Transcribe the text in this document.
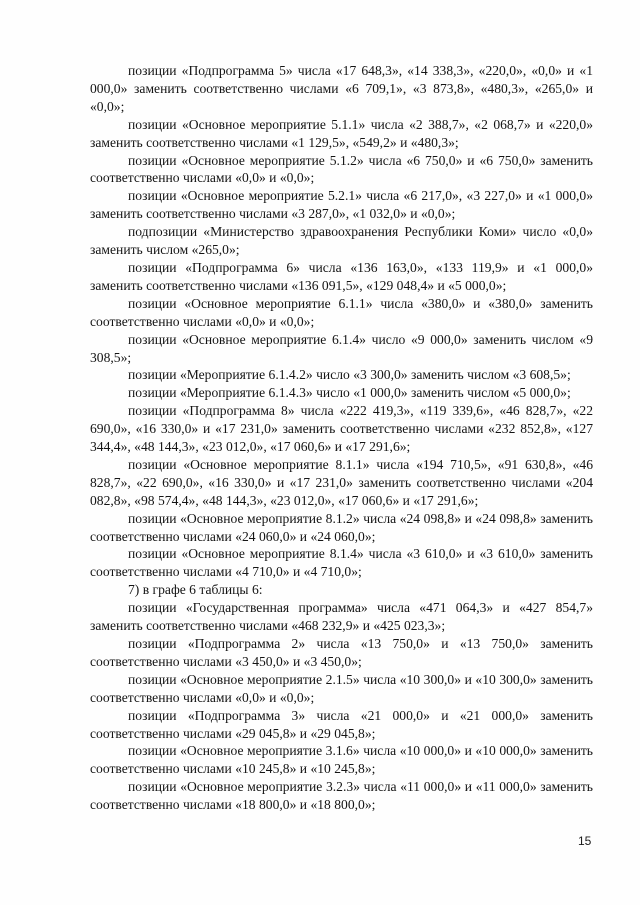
позиции «Подпрограмма 5» числа «17 648,3», «14 338,3», «220,0», «0,0» и «1 000,0» заменить соответственно числами «6 709,1», «3 873,8», «480,3», «265,0» и «0,0»;

позиции «Основное мероприятие 5.1.1» числа «2 388,7», «2 068,7» и «220,0» заменить соответственно числами «1 129,5», «549,2» и «480,3»;

позиции «Основное мероприятие 5.1.2» числа «6 750,0» и «6 750,0» заменить соответственно числами «0,0» и «0,0»;

позиции «Основное мероприятие 5.2.1» числа «6 217,0», «3 227,0» и «1 000,0» заменить соответственно числами «3 287,0», «1 032,0» и «0,0»;

подпозиции «Министерство здравоохранения Республики Коми» число «0,0» заменить числом «265,0»;

позиции «Подпрограмма 6» числа «136 163,0», «133 119,9» и «1 000,0» заменить соответственно числами «136 091,5», «129 048,4» и «5 000,0»;

позиции «Основное мероприятие 6.1.1» числа «380,0» и «380,0» заменить соответственно числами «0,0» и «0,0»;

позиции «Основное мероприятие 6.1.4» число «9 000,0» заменить числом «9 308,5»;

позиции «Мероприятие 6.1.4.2» число «3 300,0» заменить числом «3 608,5»;

позиции «Мероприятие 6.1.4.3» число «1 000,0» заменить числом «5 000,0»;

позиции «Подпрограмма 8» числа «222 419,3», «119 339,6», «46 828,7», «22 690,0», «16 330,0» и «17 231,0» заменить соответственно числами «232 852,8», «127 344,4», «48 144,3», «23 012,0», «17 060,6» и «17 291,6»;

позиции «Основное мероприятие 8.1.1» числа «194 710,5», «91 630,8», «46 828,7», «22 690,0», «16 330,0» и «17 231,0» заменить соответственно числами «204 082,8», «98 574,4», «48 144,3», «23 012,0», «17 060,6» и «17 291,6»;

позиции «Основное мероприятие 8.1.2» числа «24 098,8» и «24 098,8» заменить соответственно числами «24 060,0» и «24 060,0»;

позиции «Основное мероприятие 8.1.4» числа «3 610,0» и «3 610,0» заменить соответственно числами «4 710,0» и «4 710,0»;

7) в графе 6 таблицы 6:

позиции «Государственная программа» числа «471 064,3» и «427 854,7» заменить соответственно числами «468 232,9» и «425 023,3»;

позиции «Подпрограмма 2» числа «13 750,0» и «13 750,0» заменить соответственно числами «3 450,0» и «3 450,0»;

позиции «Основное мероприятие 2.1.5» числа «10 300,0» и «10 300,0» заменить соответственно числами «0,0» и «0,0»;

позиции «Подпрограмма 3» числа «21 000,0» и «21 000,0» заменить соответственно числами «29 045,8» и «29 045,8»;

позиции «Основное мероприятие 3.1.6» числа «10 000,0» и «10 000,0» заменить соответственно числами «10 245,8» и «10 245,8»;

позиции «Основное мероприятие 3.2.3» числа «11 000,0» и «11 000,0» заменить соответственно числами «18 800,0» и «18 800,0»;

15
